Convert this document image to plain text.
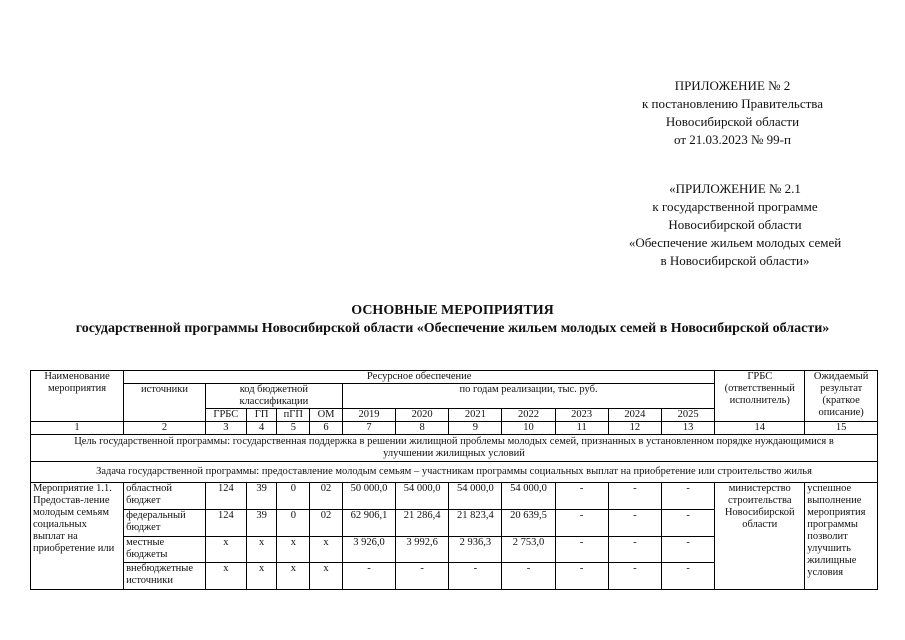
ПРИЛОЖЕНИЕ № 2
к постановлению Правительства
Новосибирской области
от 21.03.2023 № 99-п
«ПРИЛОЖЕНИЕ № 2.1
к государственной программе
Новосибирской области
«Обеспечение жильем молодых семей
в Новосибирской области»
ОСНОВНЫЕ МЕРОПРИЯТИЯ
государственной программы Новосибирской области «Обеспечение жильем молодых семей в Новосибирской области»
Наименование мероприятия	Ресурсное обеспечение												ГРБС (ответственный исполнитель)	Ожидаемый результат (краткое описание)
	источники	код бюджетной классификации				по годам реализации, тыс. руб.								
		ГРБС	ГП	пГП	ОМ	2019	2020	2021	2022	2023	2024	2025		
1	2	3	4	5	6	7	8	9	10	11	12	13	14	15
Цель государственной программы: государственная поддержка в решении жилищной проблемы молодых семей, признанных в установленном порядке нуждающимися в улучшении жилищных условий														
Задача государственной программы: предоставление молодым семьям – участникам программы социальных выплат на приобретение или строительство жилья														
Мероприятие 1.1. Предостав-ление молодым семьям социальных выплат на приобретение или	областной бюджет	124	39	0	02	50 000,0	54 000,0	54 000,0	54 000,0	-	-	-	министерство строительства Новосибирской области	успешное выполнение мероприятия программы позволит улучшить жилищные условия
	федеральный бюджет	124	39	0	02	62 906,1	21 286,4	21 823,4	20 639,5	-	-	-		
	местные бюджеты	х	х	х	х	3 926,0	3 992,6	2 936,3	2 753,0	-	-	-		
	внебюджетные источники	х	х	х	х	-	-	-	-	-	-	-		
